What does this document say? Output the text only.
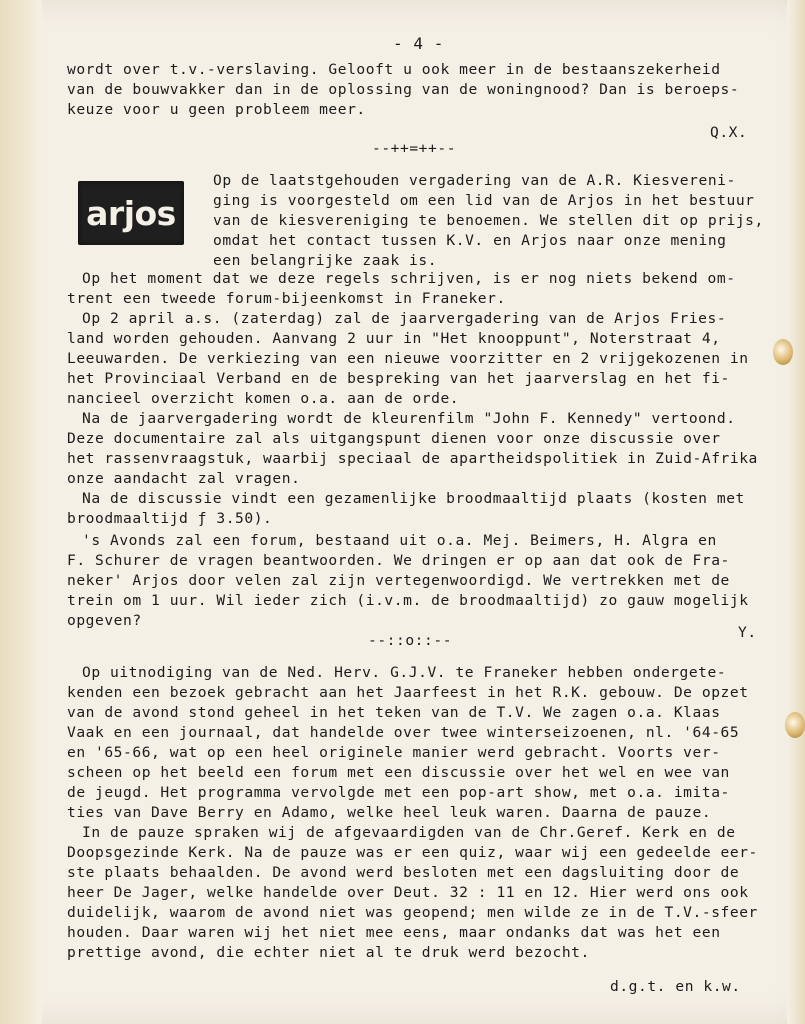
- 4 -
arjos
wordt over t.v.-verslaving. Gelooft u ook meer in de bestaanszekerheid
van de bouwvakker dan in de oplossing van de woningnood? Dan is beroeps-
keuze voor u geen probleem meer.
Q.X.
--++=++--
Op de laatstgehouden vergadering van de A.R. Kiesvereni-
ging is voorgesteld om een lid van de Arjos in het bestuur
van de kiesvereniging te benoemen. We stellen dit op prijs,
omdat het contact tussen K.V. en Arjos naar onze mening
een belangrijke zaak is.
Op het moment dat we deze regels schrijven, is er nog niets bekend om-
trent een tweede forum-bijeenkomst in Franeker.
Op 2 april a.s. (zaterdag) zal de jaarvergadering van de Arjos Fries-
land worden gehouden. Aanvang 2 uur in "Het knooppunt", Noterstraat 4,
Leeuwarden. De verkiezing van een nieuwe voorzitter en 2 vrijgekozenen in
het Provinciaal Verband en de bespreking van het jaarverslag en het fi-
nancieel overzicht komen o.a. aan de orde.
Na de jaarvergadering wordt de kleurenfilm "John F. Kennedy" vertoond.
Deze documentaire zal als uitgangspunt dienen voor onze discussie over
het rassenvraagstuk, waarbij speciaal de apartheidspolitiek in Zuid-Afrika
onze aandacht zal vragen.
Na de discussie vindt een gezamenlijke broodmaaltijd plaats (kosten met
broodmaaltijd ƒ 3.50).
's Avonds zal een forum, bestaand uit o.a. Mej. Beimers, H. Algra en
F. Schurer de vragen beantwoorden. We dringen er op aan dat ook de Fra-
neker' Arjos door velen zal zijn vertegenwoordigd. We vertrekken met de
trein om 1 uur. Wil ieder zich (i.v.m. de broodmaaltijd) zo gauw mogelijk
opgeven?
Y.
--::o::--
Op uitnodiging van de Ned. Herv. G.J.V. te Franeker hebben ondergete-
kenden een bezoek gebracht aan het Jaarfeest in het R.K. gebouw. De opzet
van de avond stond geheel in het teken van de T.V. We zagen o.a. Klaas
Vaak en een journaal, dat handelde over twee winterseizoenen, nl. '64-65
en '65-66, wat op een heel originele manier werd gebracht. Voorts ver-
scheen op het beeld een forum met een discussie over het wel en wee van
de jeugd. Het programma vervolgde met een pop-art show, met o.a. imita-
ties van Dave Berry en Adamo, welke heel leuk waren. Daarna de pauze.
In de pauze spraken wij de afgevaardigden van de Chr.Geref. Kerk en de
Doopsgezinde Kerk. Na de pauze was er een quiz, waar wij een gedeelde eer-
ste plaats behaalden. De avond werd besloten met een dagsluiting door de
heer De Jager, welke handelde over Deut. 32 : 11 en 12. Hier werd ons ook
duidelijk, waarom de avond niet was geopend; men wilde ze in de T.V.-sfeer
houden. Daar waren wij het niet mee eens, maar ondanks dat was het een
prettige avond, die echter niet al te druk werd bezocht.
d.g.t. en k.w.
